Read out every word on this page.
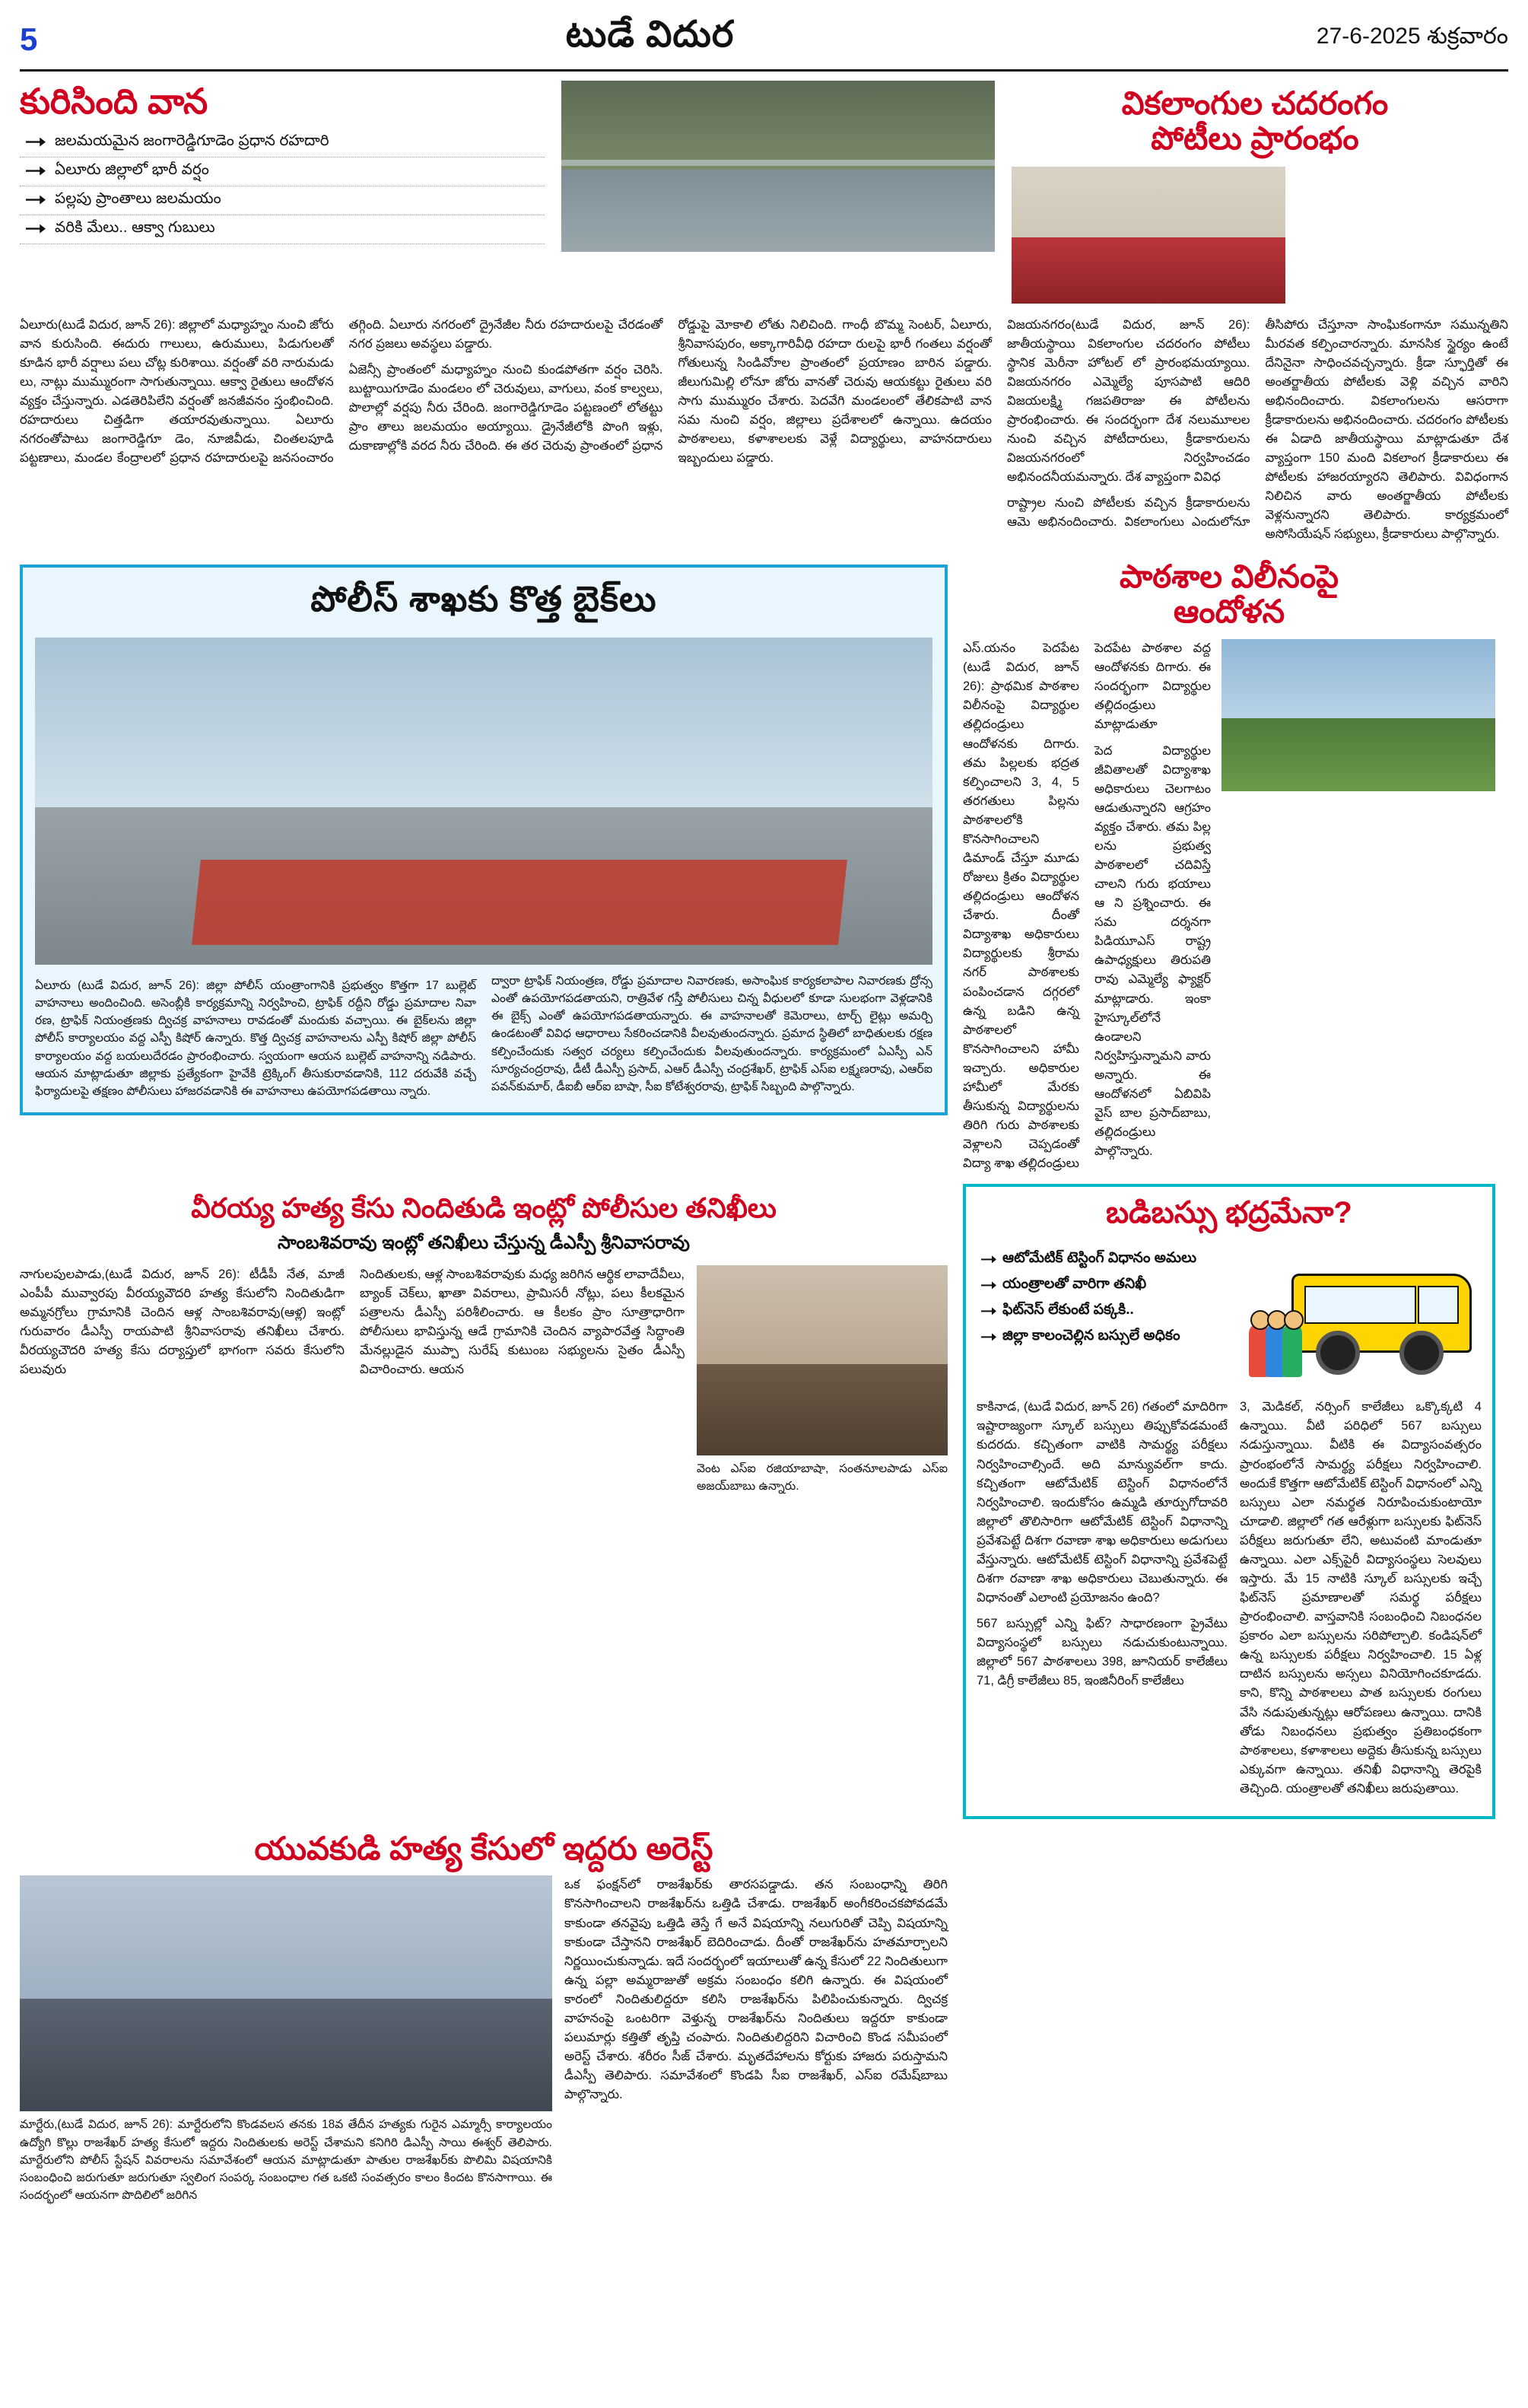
5	టుడే విదుర	27-6-2025 శుక్రవారం
కురిసింది వాన
జలమయమైన జంగారెడ్డిగూడెం ప్రధాన రహదారి
ఏలూరు జిల్లాలో భారీ వర్షం
పల్లపు ప్రాంతాలు జలమయం
వరికి మేలు.. ఆక్వా గుబులు
వికలాంగుల చదరంగం
పోటీలు ప్రారంభం

ఏలూరు(టుడే విదుర, జూన్ 26): జిల్లాలో మధ్యాహ్నం నుంచి జోరు వాన కురుసింది. ఈదురు గాలులు, ఉరుములు, పిడుగులతో కూడిన భారీ వర్షాలు పలు చోట్ల కురిశాయి. వర్షంతో వరి నారుమడు లు, నాట్లు ముమ్మురంగా సాగుతున్నాయి. ఆక్వా రైతులు ఆందోళన వ్యక్తం చేస్తున్నారు. ఎడతెరిపిలేని వర్షంతో జనజీవనం స్తంభించింది. రహదారులు చిత్తడిగా తయారవుతున్నాయి. ఏలూరు నగరంతోపాటు జంగారెడ్డిగూ డెం, నూజివీడు, చింతలపూడి పట్టణాలు, మండల కేంద్రాలలో ప్రధాన రహదారులపై జనసంచారం తగ్గింది. ఏలూరు నగరంలో ద్రైనేజీల నీరు రహదారులపై చేరడంతో నగర ప్రజలు అవస్థలు పడ్డారు.

ఏజెన్సీ ప్రాంతంలో మధ్యాహ్నం నుంచి కుండపోతగా వర్షం చెరిసి. బుట్టాయిగూడెం మండలం లో చెరువులు, వాగులు, వంక కాల్వలు, పొలాల్లో వర్షపు నీరు చేరింది. జంగారెడ్డిగూడెం పట్టణంలో లోతట్టు ప్రాం తాలు జలమయం అయ్యాయి. డ్రైనేజీలోకి పొంగి ఇళ్లు, దుకాణాల్లోకి వరద నీరు చేరింది. ఈ తర చెరువు ప్రాంతంలో ప్రధాన రోడ్డుపై మోకాలి లోతు నిలిచింది. గాంధీ బొమ్మ సెంటర్, ఏలూరు, శ్రీనివాసపురం, అక్కాగారివీధి రహదా రులపై భారీ గంతలు వర్షంతో గోతులున్న సిండివోూల ప్రాంతంలో ప్రయాణం బారిన పడ్డారు. జీలుగుమిల్లి లోనూ జోరు వానతో చెరువు ఆయకట్టు రైతులు వరి సాగు ముమ్మురం చేశారు. పెదవేగి మండలంలో తేలికపాటి వాన సమ నుంచి వర్షం, జిల్లాలు ప్రదేశాలలో ఉన్నాయి. ఉదయం పాఠశాలలు, కళాశాలలకు వెళ్లే విద్యార్థులు, వాహనదారులు ఇబ్బందులు పడ్డారు.

విజయనగరం(టుడే విదుర, జూన్ 26): జాతీయస్థాయి వికలాంగుల చదరంగం పోటీలు స్థానిక మెరీనా హోటల్ లో ప్రారంభమయ్యాయి. విజయనగరం ఎమ్మెల్యే పూసపాటి ఆదిరి విజయలక్ష్మి గజపతిరాజు ఈ పోటీలను ప్రారంభించారు. ఈ సందర్భంగా దేశ నలుమూలల నుంచి వచ్చిన పోటీదారులు, క్రీడాకారులను విజయనగరంలో నిర్వహించడం అభినందనీయమన్నారు. దేశ వ్యాప్తంగా వివిధ

రాష్ట్రాల నుంచి పోటీలకు వచ్చిన క్రీడాకారులను ఆమె అభినందించారు. వికలాంగులు ఎందులోనూ తీసిపోరు చేస్తూనా సాంఘికంగానూ సమున్నతిని మీరవత కల్పించారన్నారు. మానసిక స్థైర్యం ఉంటే దేనినైనా సాధించవచ్చన్నారు. క్రీడా స్ఫూర్తితో ఈ అంతర్జాతీయ పోటీలకు వెళ్లి వచ్చిన వారిని అభినందించారు. వికలాంగులను ఆసరాగా క్రీడాకారులను అభినందించారు. చదరంగం పోటీలకు ఈ ఏడాది జాతీయస్థాయి మాట్లాడుతూ దేశ వ్యాప్తంగా 150 మంది వికలాంగ క్రీడాకారులు ఈ పోటీలకు హాజరయ్యారని తెలిపారు. వివిధంగాన నిలిచిన వారు అంతర్జాతీయ పోటీలకు వెళ్లనున్నారని తెలిపారు. కార్యక్రమంలో అసోసియేషన్ సభ్యులు, క్రీడాకారులు పాల్గొన్నారు.

పోలీస్ శాఖకు కొత్త బైక్‌లు

ఏలూరు (టుడే విదుర, జూన్ 26): జిల్లా పోలీస్ యంత్రాంగానికి ప్రభుత్వం కొత్తగా 17 బుల్లెట్ వాహనాలు అందించింది. అసెంబ్లీకి కార్యక్రమాన్ని నిర్వహించి, ట్రాఫిక్ రద్దీని రోడ్డు ప్రమాదాల నివా రణ, ట్రాఫిక్ నియంత్రణకు ద్విచక్ర వాహనాలు రావడంతో మందుకు వచ్చాయి. ఈ బైక్‌లను జిల్లా పోలీస్ కార్యాలయం వద్ద ఎస్పీ కిషోర్ ఉన్నారు. కొత్త ద్విచక్ర వాహనాలను ఎస్పీ కిషోర్ జిల్లా పోలీస్ కార్యాలయం వద్ద బయలుదేరడం ప్రారంభించారు. స్వయంగా ఆయన బుల్లెట్ వాహనాన్ని నడిపారు. ఆయన మాట్లాడుతూ జిల్లాకు ప్రత్యేకంగా హైవేకి ట్రెక్కింగ్ తీసుకురావడానికి, 112 దరువేకి వచ్చే ఫిర్యాదులపై తక్షణం పోలీసులు హాజరవడానికి ఈ వాహనాలు ఉపయోగపడతాయి న్నారు.

ద్వారా ట్రాఫిక్ నియంత్రణ, రోడ్డు ప్రమాదాల నివారణకు, అసాంఘిక కార్యకలాపాల నివారణకు ద్రోన్స ఎంతో ఉపయోగపడతాయని, రాత్రివేళ గస్తీ పోలీసులు చిన్న వీధులలో కూడా సులభంగా వెళ్లడానికి ఈ బైక్స్ ఎంతో ఉపయోగపడతాయన్నారు. ఈ వాహనాలతో కెమెరాలు, టార్చ్ లైట్లు అమర్చి ఉండటంతో వివిధ ఆధారాలు సేకరించడానికి వీలవుతుందన్నారు. ప్రమాద స్థితిలో బాధితులకు రక్షణ కల్పించేందుకు సత్వర చర్యలు కల్పించేందుకు వీలవుతుందన్నారు. కార్యక్రమంలో ఏఎస్పీ ఎన్ సూర్యచంద్రరావు, డీటీ డీఎస్పీ ప్రసాద్, ఎఆర్ డీఎస్పీ చంద్రశేఖర్, ట్రాఫిక్ ఎస్ఐ లక్ష్మణరావు, ఎఆర్ఐ పవన్‌కుమార్, డీఐబీ ఆర్ఐ బాషా, సీఐ కోటేశ్వరరావు, ట్రాఫిక్ సిబ్బంది పాల్గొన్నారు.

పాఠశాల విలీనంపై
ఆందోళన

ఎస్.యనం పెదపేట (టుడే విదుర, జూన్ 26): ప్రాథమిక పాఠశాల విలీనంపై విద్యార్థుల తల్లిదండ్రులు ఆందోళనకు దిగారు. తమ పిల్లలకు భద్రత కల్పించాలని 3, 4, 5 తరగతులు పిల్లను పాఠశాలలోకి కొనసాగించాలని డిమాండ్ చేస్తూ మూడు రోజులు క్రితం విద్యార్థుల తల్లిదండ్రులు ఆందోళన చేశారు. దీంతో విద్యాశాఖ అధికారులు విద్యార్థులకు శ్రీరామ నగర్ పాఠశాలకు పంపించడాన దగ్గరలో ఉన్న బడిని ఉన్న పాఠశాలలో కొనసాగించాలని హామీ ఇచ్చారు. అధికారుల హామీలో మేరకు తీసుకున్న విద్యార్థులను తిరిగి గురు పాఠశాలకు వెళ్లాలని చెప్పడంతో విద్యా శాఖ తల్లిదండ్రులు పెదపేట పాఠశాల వద్ద ఆందోళనకు దిగారు. ఈ సందర్భంగా విద్యార్థుల తల్లిదండ్రులు మాట్లాడుతూ

పెద విద్యార్థుల జీవితాలతో విద్యాశాఖ అధికారులు చెలగాటం ఆడుతున్నారని ఆగ్రహం వ్యక్తం చేశారు. తమ పిల్ల లను ప్రభుత్వ పాఠశాలలో చదివిస్తే చాలని గురు భయాలు ఆ ని ప్రశ్నించారు. ఈ సమ దర్శనగా పిడియూఎస్ రాష్ట్ర ఉపాధ్యక్షులు తిరుపతి రావు ఎమ్మెల్యే ఫ్యాక్టర్ మాట్లాడారు. ఇంకా హైస్కూల్‌లోనే ఉండాలని నిర్వహిస్తున్నామని వారు అన్నారు. ఈ ఆందోళనలో ఏబివిపి వైస్ బాల ప్రసాద్‌బాబు, తల్లిదండ్రులు పాల్గొన్నారు.

వీరయ్య హత్య కేసు నిందితుడి ఇంట్లో పోలీసుల తనిఖీలు
సాంబశివరావు ఇంట్లో తనిఖీలు చేస్తున్న డీఎస్పీ శ్రీనివాసరావు

నాగులపులపాడు,(టుడే విదుర, జూన్ 26): టీడీపీ నేత, మాజీ ఎంపీపీ మువ్వారపు వీరయ్యవౌదరి హత్య కేసులోని నిందితుడిగా అమ్మనగ్రోలు గ్రామానికి చెందిన ఆళ్ల సాంబశివరావు(ఆళ్ల) ఇంట్లో గురువారం డీఎస్పీ రాయపాటి శ్రీనివాసరావు తనిఖీలు చేశారు. వీరయ్యచౌదరి హత్య కేసు దర్యాప్తులో భాగంగా సవరు కేసులోని పలువురు

నిందితులకు, ఆళ్ల సాంబశివరావుకు మధ్య జరిగిన ఆర్థిక లావాదేవీలు, బ్యాంక్ చెక్‌లు, ఖాతా వివరాలు, ప్రామిసరీ నోట్లు, పలు కీలకమైన పత్రాలను డీఎస్పీ పరిశీలించారు. ఆ కీలకం ప్రాం సూత్రాధారిగా పోలీసులు భావిస్తున్న ఆడే గ్రామానికి చెందిన వ్యాపారవేత్త సిద్ధాంతి మేనల్లుడైన ముప్పా సురేష్ కుటుంబ సభ్యులను సైతం డీఎస్పీ విచారించారు. ఆయన

వెంట ఎస్ఐ రజియాబాషా, సంతనూలపాడు ఎస్ఐ అజయ్‌బాబు ఉన్నారు.

బడిబస్సు భద్రమేనా?
ఆటోమేటిక్ టెస్టింగ్ విధానం అమలు
యంత్రాలతో వారిగా తనిఖీ
ఫిట్‌నెస్ లేకుంటే పక్కకి..
జిల్లా కాలంచెల్లిన బస్సులే అధికం

కాకినాడ, (టుడే విదుర, జూన్ 26) గతంలో మాదిరిగా ఇష్టారాజ్యంగా స్కూల్ బస్సులు తిప్పుకోవడమంటే కుదరదు. కచ్చితంగా వాటికి సామర్థ్య పరీక్షలు నిర్వహించాల్సిందే. అది మాన్యువల్‌గా కాదు. కచ్చితంగా ఆటోమేటిక్ టెస్టింగ్ విధానంలోనే నిర్వహించాలి. ఇందుకోసం ఉమ్మడి తూర్పుగోదావరి జిల్లాలో తొలిసారిగా ఆటోమేటిక్ టెస్టింగ్ విధానాన్ని ప్రవేశపెట్టే దిశగా రవాణా శాఖ అధికారులు అడుగులు వేస్తున్నారు. ఆటోమేటిక్ టెస్టింగ్ విధానాన్ని ప్రవేశపెట్టే దిశగా రవాణా శాఖ అధికారులు చెబుతున్నారు. ఈ విధానంతో ఎలాంటి ప్రయోజనం ఉంది?

567 బస్సుల్లో ఎన్ని ఫిట్? సాధారణంగా ప్రైవేటు విద్యాసంస్థలో బస్సులు నడుచుకుంటున్నాయి. జిల్లాలో 567 పాఠశాలలు 398, జూనియర్ కాలేజీలు 71, డిగ్రీ కాలేజీలు 85, ఇంజినీరింగ్ కాలేజీలు

3, మెడికల్, నర్సింగ్ కాలేజీలు ఒక్కొక్కటి 4 ఉన్నాయి. వీటి పరిధిలో 567 బస్సులు నడుస్తున్నాయి. వీటికి ఈ విద్యాసంవత్సరం ప్రారంభంలోనే సామర్థ్య పరీక్షలు నిర్వహించాలి. అందుకే కొత్తగా ఆటోమేటిక్ టెస్టింగ్ విధానంలో ఎన్ని బస్సులు ఎలా నమర్థత నిరూపించుకుంటాయో చూడాలి. జిల్లాలో గత ఆరేళ్లుగా బస్సులకు ఫిట్‌నెస్ పరీక్షలు జరుగుతూ లేని, అటువంటి మాండుతూ ఉన్నాయి. ఎలా ఎక్స్‌పైరీ విద్యాసంస్థలు సెలవులు ఇస్తారు. మే 15 నాటికి స్కూల్ బస్సులకు ఇచ్చే ఫిట్‌నెస్ ప్రమాణాలతో సమర్థ పరీక్షలు ప్రారంభించాలి. వాస్తవానికి సంబంధించి నిబంధనల ప్రకారం ఎలా బస్సులను సరిపోల్చాలి. కండిషన్‌లో ఉన్న బస్సులకు పరీక్షలు నిర్వహించాలి. 15 ఏళ్ల దాటిన బస్సులను అస్సలు వినియోగించకూడదు. కాని, కొన్ని పాఠశాలలు పాత బస్సులకు రంగులు వేసి నడుపుతున్నట్లు ఆరోపణలు ఉన్నాయి. దానికి తోడు నిబంధనలు ప్రభుత్వం ప్రతిబంధకంగా పాఠశాలలు, కళాశాలలు అద్దెకు తీసుకున్న బస్సులు ఎక్కువగా ఉన్నాయి. తనిఖీ విధానాన్ని తెరపైకి తెచ్చింది. యంత్రాలతో తనిఖీలు జరుపుతాయి.

యువకుడి హత్య కేసులో ఇద్దరు అరెస్ట్

మార్టేరు,(టుడే విదుర, జూన్ 26): మార్టేరులోని కొండవలస తనకు 18వ తేదీన హత్యకు గురైన ఎమ్మార్సీ కార్యాలయం ఉద్యోగి కొల్లు రాజశేఖర్ హత్య కేసులో ఇద్దరు నిందితులకు అరెస్ట్ చేశామని కనిగిరి డిఎస్పీ సాయి ఈశ్వర్ తెలిపారు. మార్టేరులోని పోలీస్ స్టేషన్ వివరాలను సమావేశంలో ఆయన మాట్లాడుతూ పాతుల రాజశేఖర్‌కు పొలిమి విషయానికి సంబంధించి జరుగుతూ జరుగుతూ స్వలింగ సంపర్క సంబంధాల గత ఒకటి సంవత్సరం కాలం కిందట కొనసాగాయి. ఈ సందర్భంలో ఆయనగా పొదిలిలో జరిగిన

ఒక ఫంక్షన్‌లో రాజశేఖర్‌కు తారసపడ్డాడు. తన సంబంధాన్ని తిరిగి కొనసాగించాలని రాజశేఖర్‌ను ఒత్తిడి చేశాడు. రాజశేఖర్ అంగీకరించకపోవడమే కాకుండా తనవైపు ఒత్తిడి తెస్తే గే అనే విషయాన్ని నలుగురితో చెప్పి విషయాన్ని కాకుండా చేస్తానని రాజశేఖర్ బెదిరించాడు. దీంతో రాజశేఖర్‌ను హతమార్చాలని నిర్ణయించుకున్నాడు. ఇదే సందర్భంలో ఇయాలుతో ఉన్న కేసులో 22 నిందితులుగా ఉన్న పల్లా అమ్మరాజుతో అక్రమ సంబంధం కలిగి ఉన్నారు. ఈ విషయంలో కారంలో నిందితులిద్దరూ కలిసి రాజశేఖర్‌ను పిలిపించుకున్నారు. ద్విచక్ర వాహనంపై ఒంటరిగా వెళ్తున్న రాజశేఖర్‌ను నిందితులు ఇద్దరూ కాకుండా పలుమార్లు కత్తితో తృప్తి చంపారు. నిందితులిద్దరిని విచారించి కొండ సమీపంలో అరెస్ట్ చేశారు. శరీరం సీజ్ చేశారు. మృతదేహాలను కోర్టుకు హాజరు పరుస్తామని డీఎస్పీ తెలిపారు. సమావేశంలో కొండపి సీఐ రాజశేఖర్, ఎస్ఐ రమేష్‌బాబు పాల్గొన్నారు.
